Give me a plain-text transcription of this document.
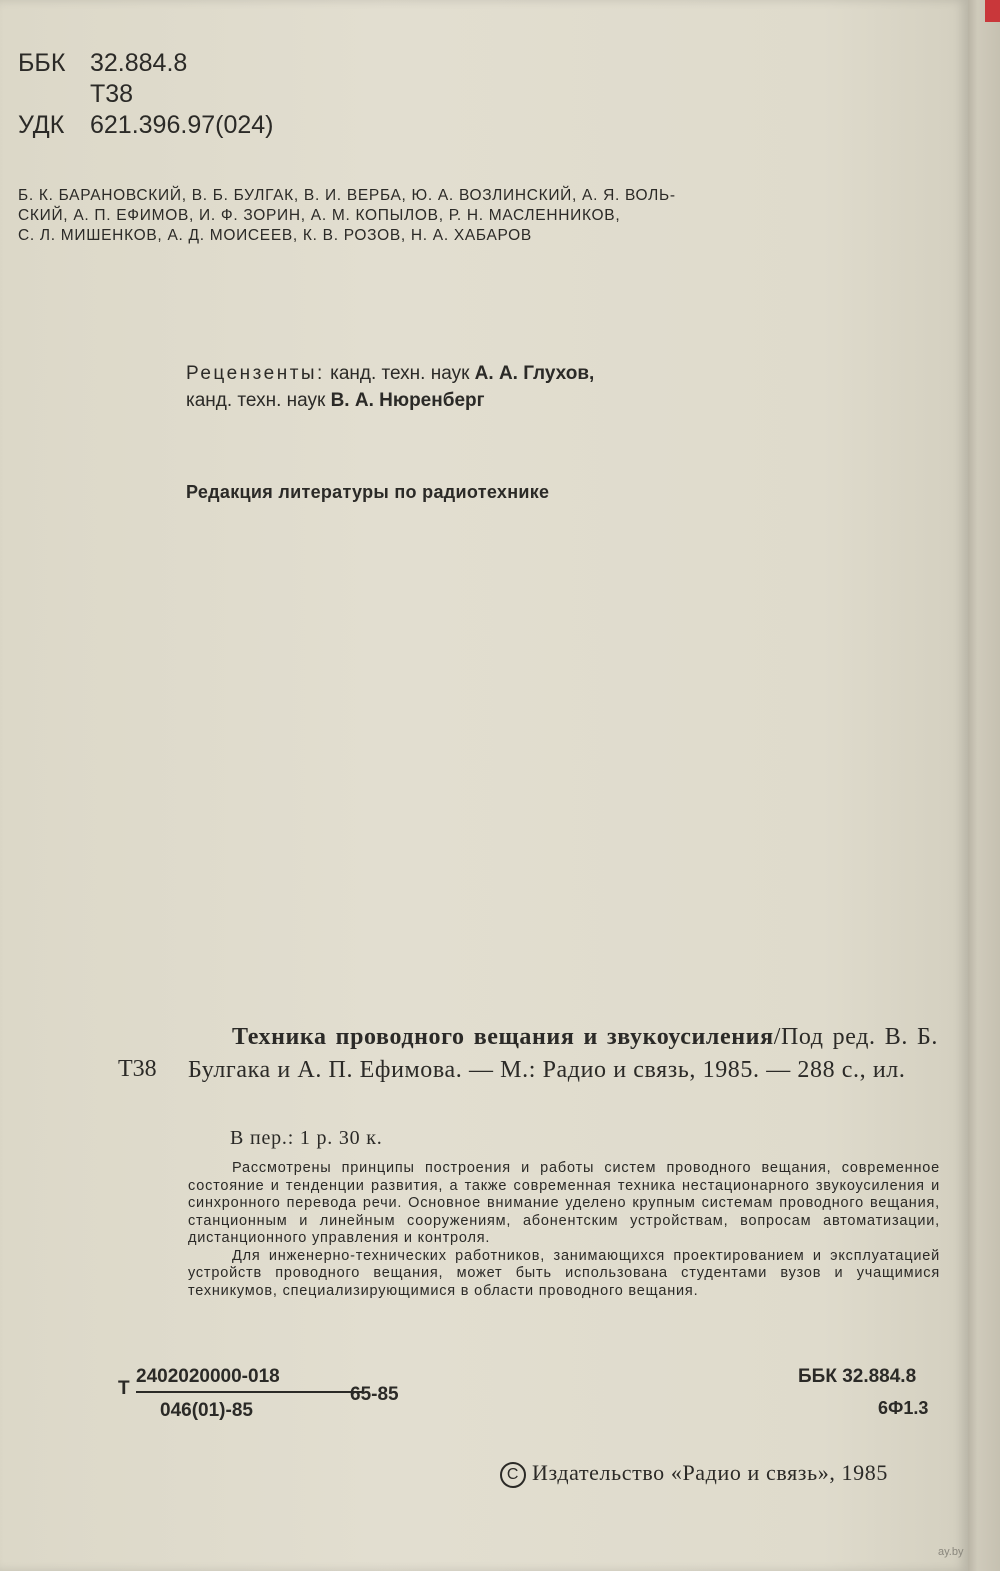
ББК 32.884.8
Т38
УДК 621.396.97(024)
Б. К. БАРАНОВСКИЙ, В. Б. БУЛГАК, В. И. ВЕРБА, Ю. А. ВОЗЛИНСКИЙ, А. Я. ВОЛЬ-
СКИЙ, А. П. ЕФИМОВ, И. Ф. ЗОРИН, А. М. КОПЫЛОВ, Р. Н. МАСЛЕННИКОВ,
С. Л. МИШЕНКОВ, А. Д. МОИСЕЕВ, К. В. РОЗОВ, Н. А. ХАБАРОВ
Рецензенты: канд. техн. наук А. А. Глухов,
канд. техн. наук В. А. Нюренберг
Редакция литературы по радиотехнике
Т38
Техника проводного вещания и звукоусиления/Под ред. В. Б. Булгака и А. П. Ефимова. — М.: Радио и связь, 1985. — 288 с., ил.
В пер.: 1 р. 30 к.

Рассмотрены принципы построения и работы систем проводного вещания, современное состояние и тенденции развития, а также современная техника нестационарного звукоусиления и синхронного перевода речи. Основное внимание уделено крупным системам проводного вещания, станционным и линейным сооружениям, абонентским устройствам, вопросам автоматизации, дистанционного управления и контроля.

Для инженерно-технических работников, занимающихся проектированием и эксплуатацией устройств проводного вещания, может быть использована студентами вузов и учащимися техникумов, специализирующимися в области проводного вещания.

Т
2402020000-018
046(01)-85
65-85
ББК 32.884.8
6Ф1.3
С Издательство «Радио и связь», 1985
ay.by
